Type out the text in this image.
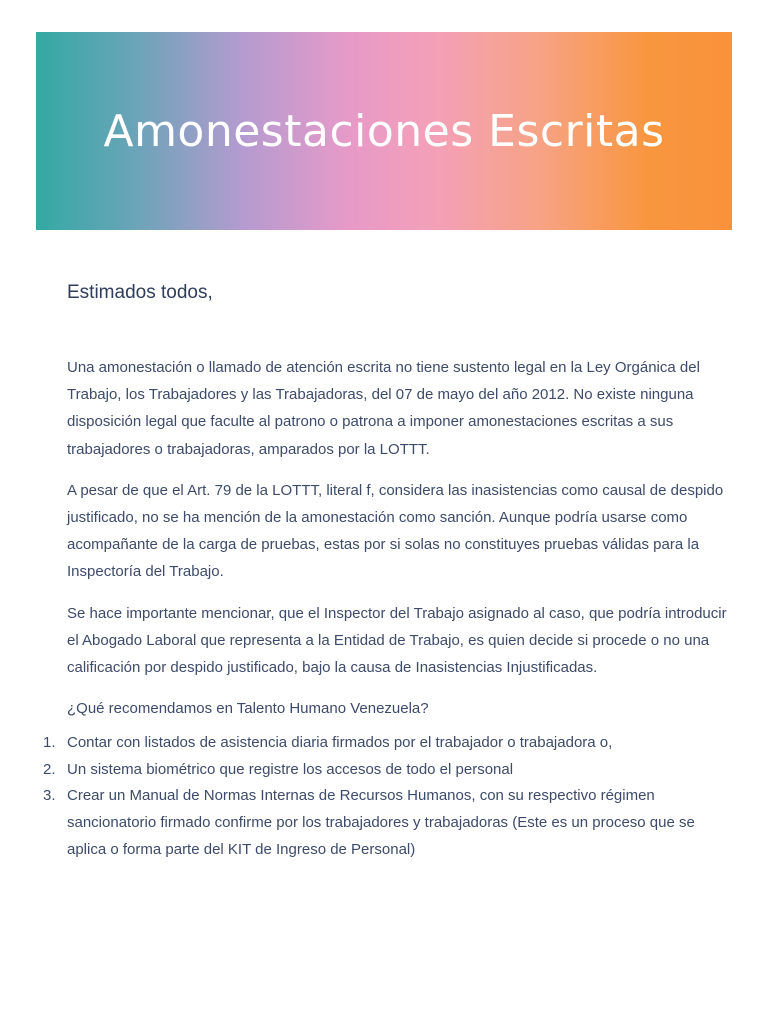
Amonestaciones Escritas

Estimados todos,

Una amonestación o llamado de atención escrita no tiene sustento legal en la Ley Orgánica del Trabajo, los Trabajadores y las Trabajadoras, del 07 de mayo del año 2012. No existe ninguna disposición legal que faculte al patrono o patrona a imponer amonestaciones escritas a sus trabajadores o trabajadoras, amparados por la LOTTT.

A pesar de que el Art. 79 de la LOTTT, literal f, considera las inasistencias como causal de despido justificado, no se ha mención de la amonestación como sanción. Aunque podría usarse como acompañante de la carga de pruebas, estas por si solas no constituyes pruebas válidas para la Inspectoría del Trabajo.

Se hace importante mencionar, que el Inspector del Trabajo asignado al caso, que podría introducir el Abogado Laboral que representa a la Entidad de Trabajo, es quien decide si procede o no una calificación por despido justificado, bajo la causa de Inasistencias Injustificadas.

¿Qué recomendamos en Talento Humano Venezuela?

1. Contar con listados de asistencia diaria firmados por el trabajador o trabajadora o,
2. Un sistema biométrico que registre los accesos de todo el personal
3. Crear un Manual de Normas Internas de Recursos Humanos, con su respectivo régimen sancionatorio firmado confirme por los trabajadores y trabajadoras (Este es un proceso que se aplica o forma parte del KIT de Ingreso de Personal)
